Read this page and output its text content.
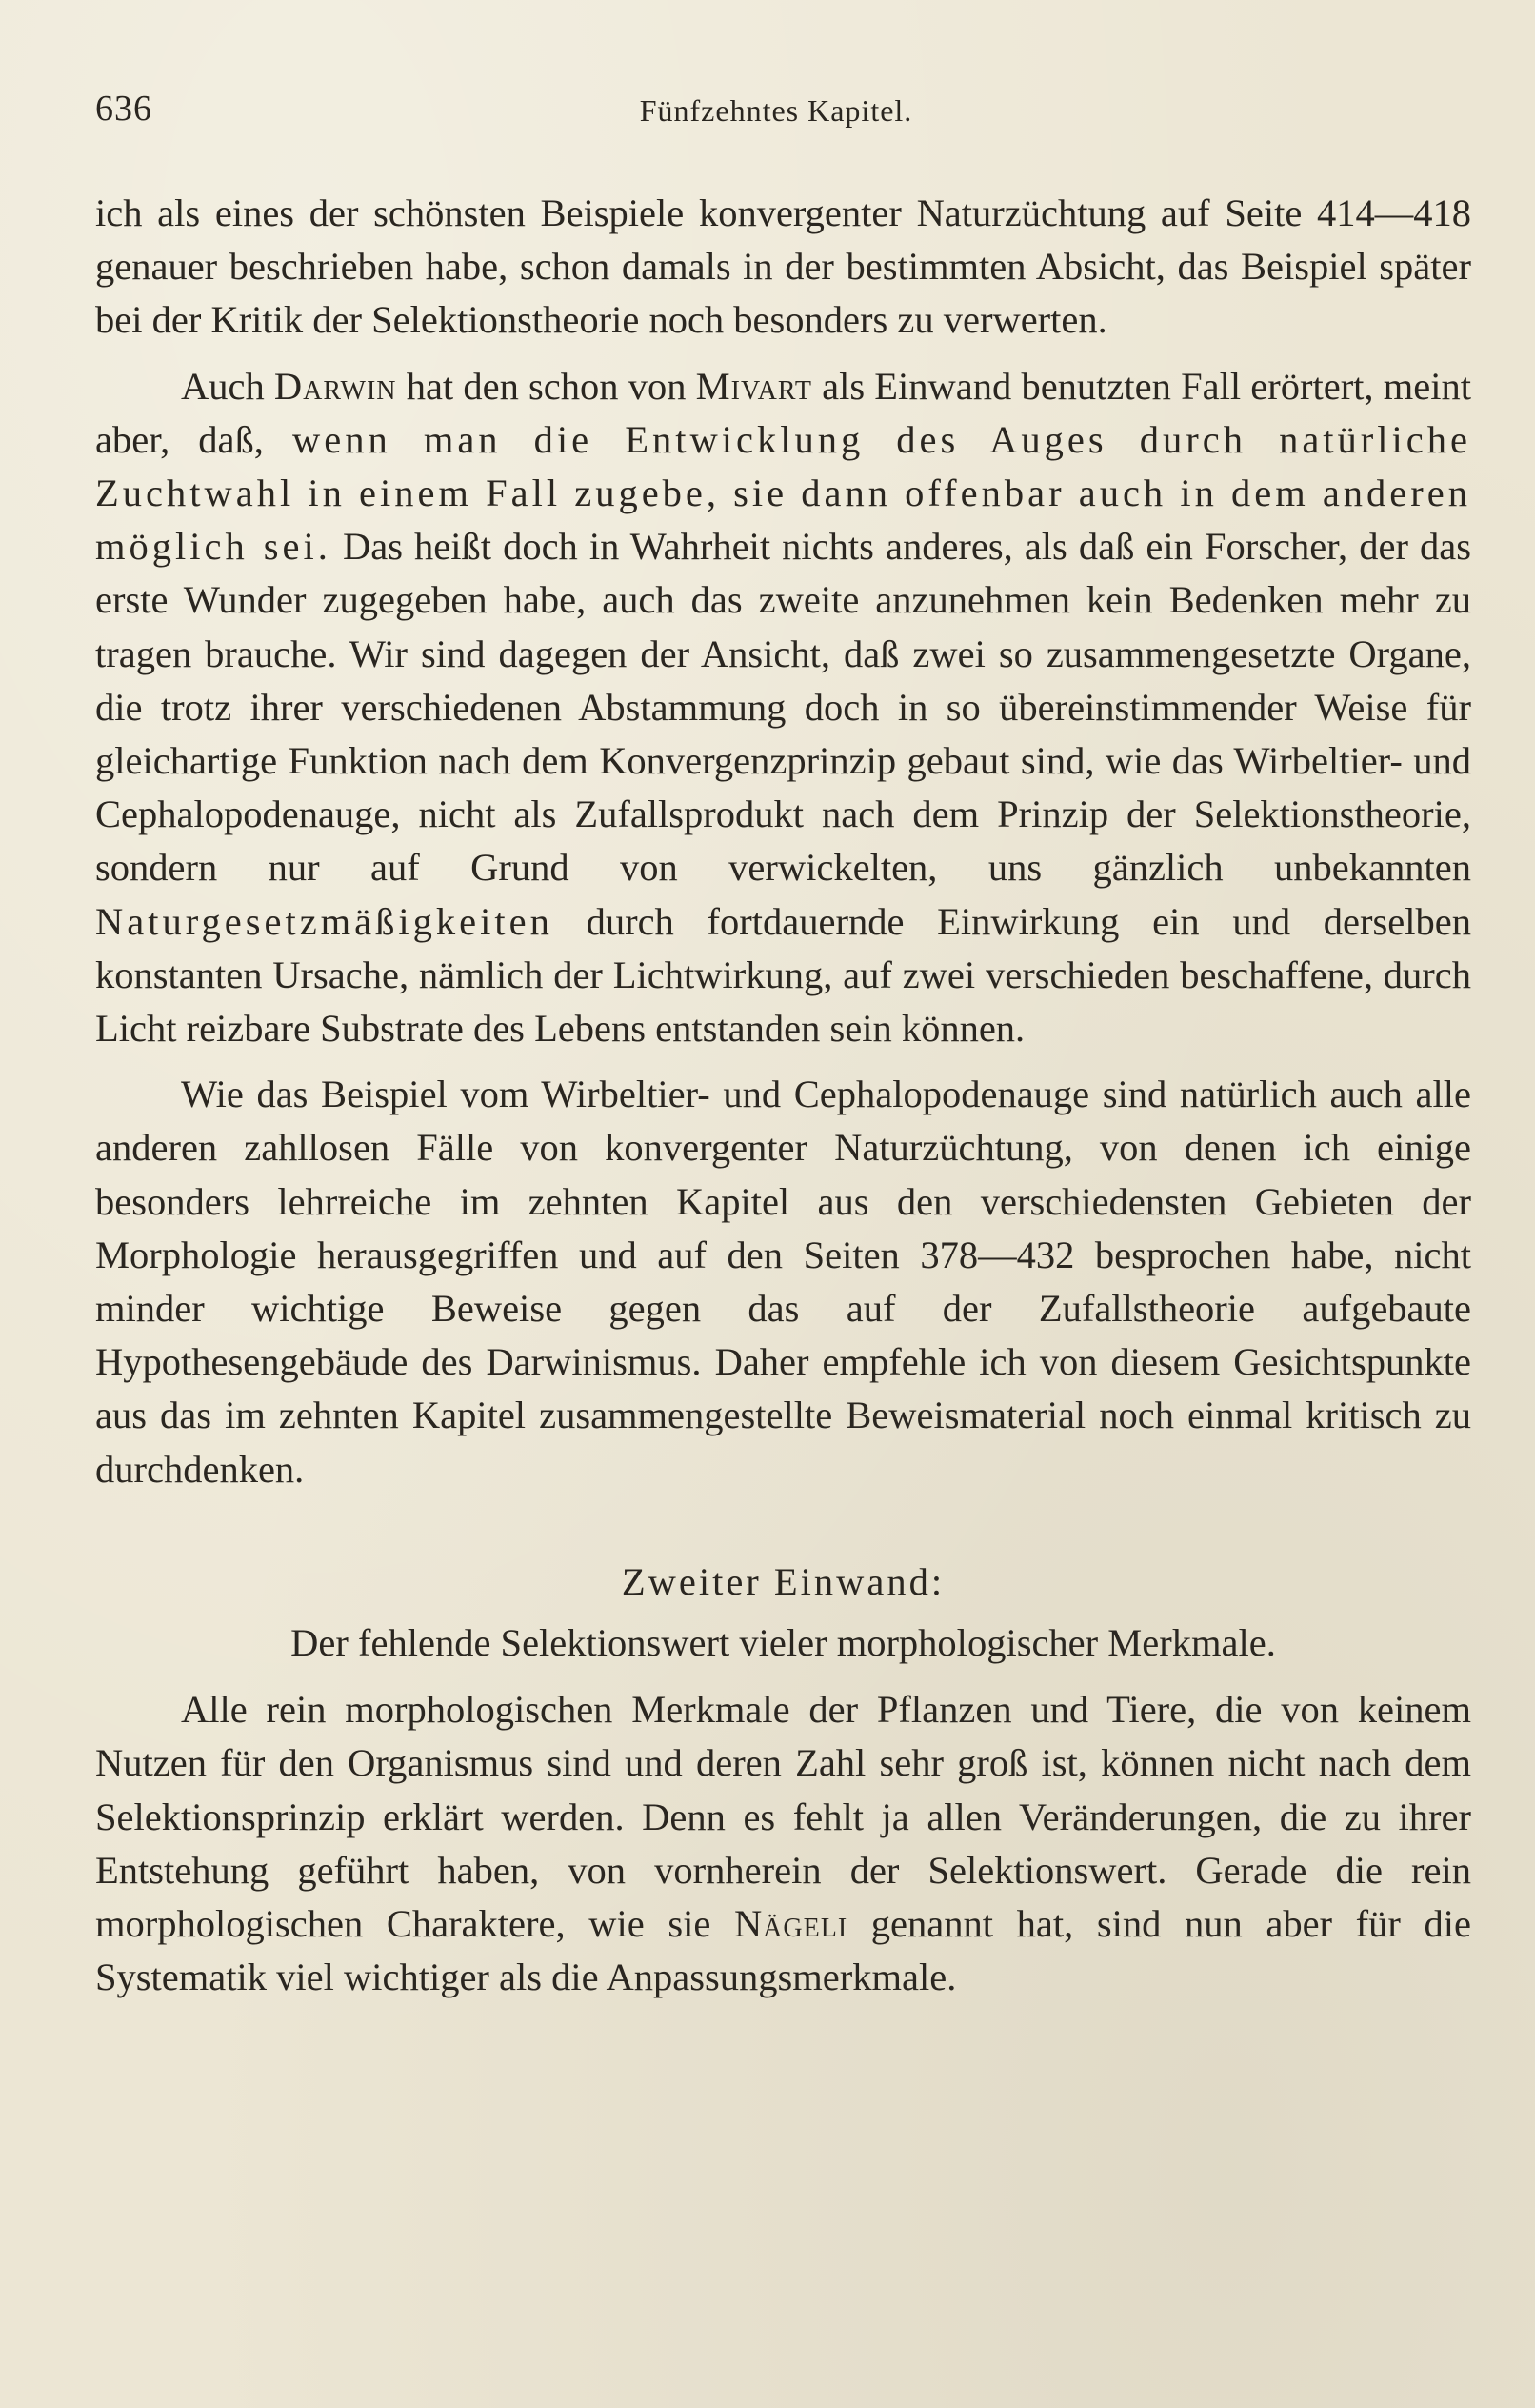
636	Fünfzehntes Kapitel.

ich als eines der schönsten Beispiele konvergenter Naturzüchtung auf Seite 414—418 genauer beschrieben habe, schon damals in der bestimmten Absicht, das Beispiel später bei der Kritik der Selektionstheorie noch besonders zu verwerten.

Auch Darwin hat den schon von Mivart als Einwand benutzten Fall erörtert, meint aber, daß, wenn man die Entwicklung des Auges durch natürliche Zuchtwahl in einem Fall zugebe, sie dann offenbar auch in dem anderen möglich sei. Das heißt doch in Wahrheit nichts anderes, als daß ein Forscher, der das erste Wunder zugegeben habe, auch das zweite anzunehmen kein Bedenken mehr zu tragen brauche. Wir sind dagegen der Ansicht, daß zwei so zusammengesetzte Organe, die trotz ihrer verschiedenen Abstammung doch in so übereinstimmender Weise für gleichartige Funktion nach dem Konvergenzprinzip gebaut sind, wie das Wirbeltier- und Cephalopodenauge, nicht als Zufallsprodukt nach dem Prinzip der Selektionstheorie, sondern nur auf Grund von verwickelten, uns gänzlich unbekannten Naturgesetzmäßigkeiten durch fortdauernde Einwirkung ein und derselben konstanten Ursache, nämlich der Lichtwirkung, auf zwei verschieden beschaffene, durch Licht reizbare Substrate des Lebens entstanden sein können.

Wie das Beispiel vom Wirbeltier- und Cephalopodenauge sind natürlich auch alle anderen zahllosen Fälle von konvergenter Naturzüchtung, von denen ich einige besonders lehrreiche im zehnten Kapitel aus den verschiedensten Gebieten der Morphologie herausgegriffen und auf den Seiten 378—432 besprochen habe, nicht minder wichtige Beweise gegen das auf der Zufallstheorie aufgebaute Hypothesengebäude des Darwinismus. Daher empfehle ich von diesem Gesichtspunkte aus das im zehnten Kapitel zusammengestellte Beweismaterial noch einmal kritisch zu durchdenken.

Zweiter Einwand:

Der fehlende Selektionswert vieler morphologischer Merkmale.

Alle rein morphologischen Merkmale der Pflanzen und Tiere, die von keinem Nutzen für den Organismus sind und deren Zahl sehr groß ist, können nicht nach dem Selektionsprinzip erklärt werden. Denn es fehlt ja allen Veränderungen, die zu ihrer Entstehung geführt haben, von vornherein der Selektionswert. Gerade die rein morphologischen Charaktere, wie sie Nägeli genannt hat, sind nun aber für die Systematik viel wichtiger als die Anpassungsmerkmale.
